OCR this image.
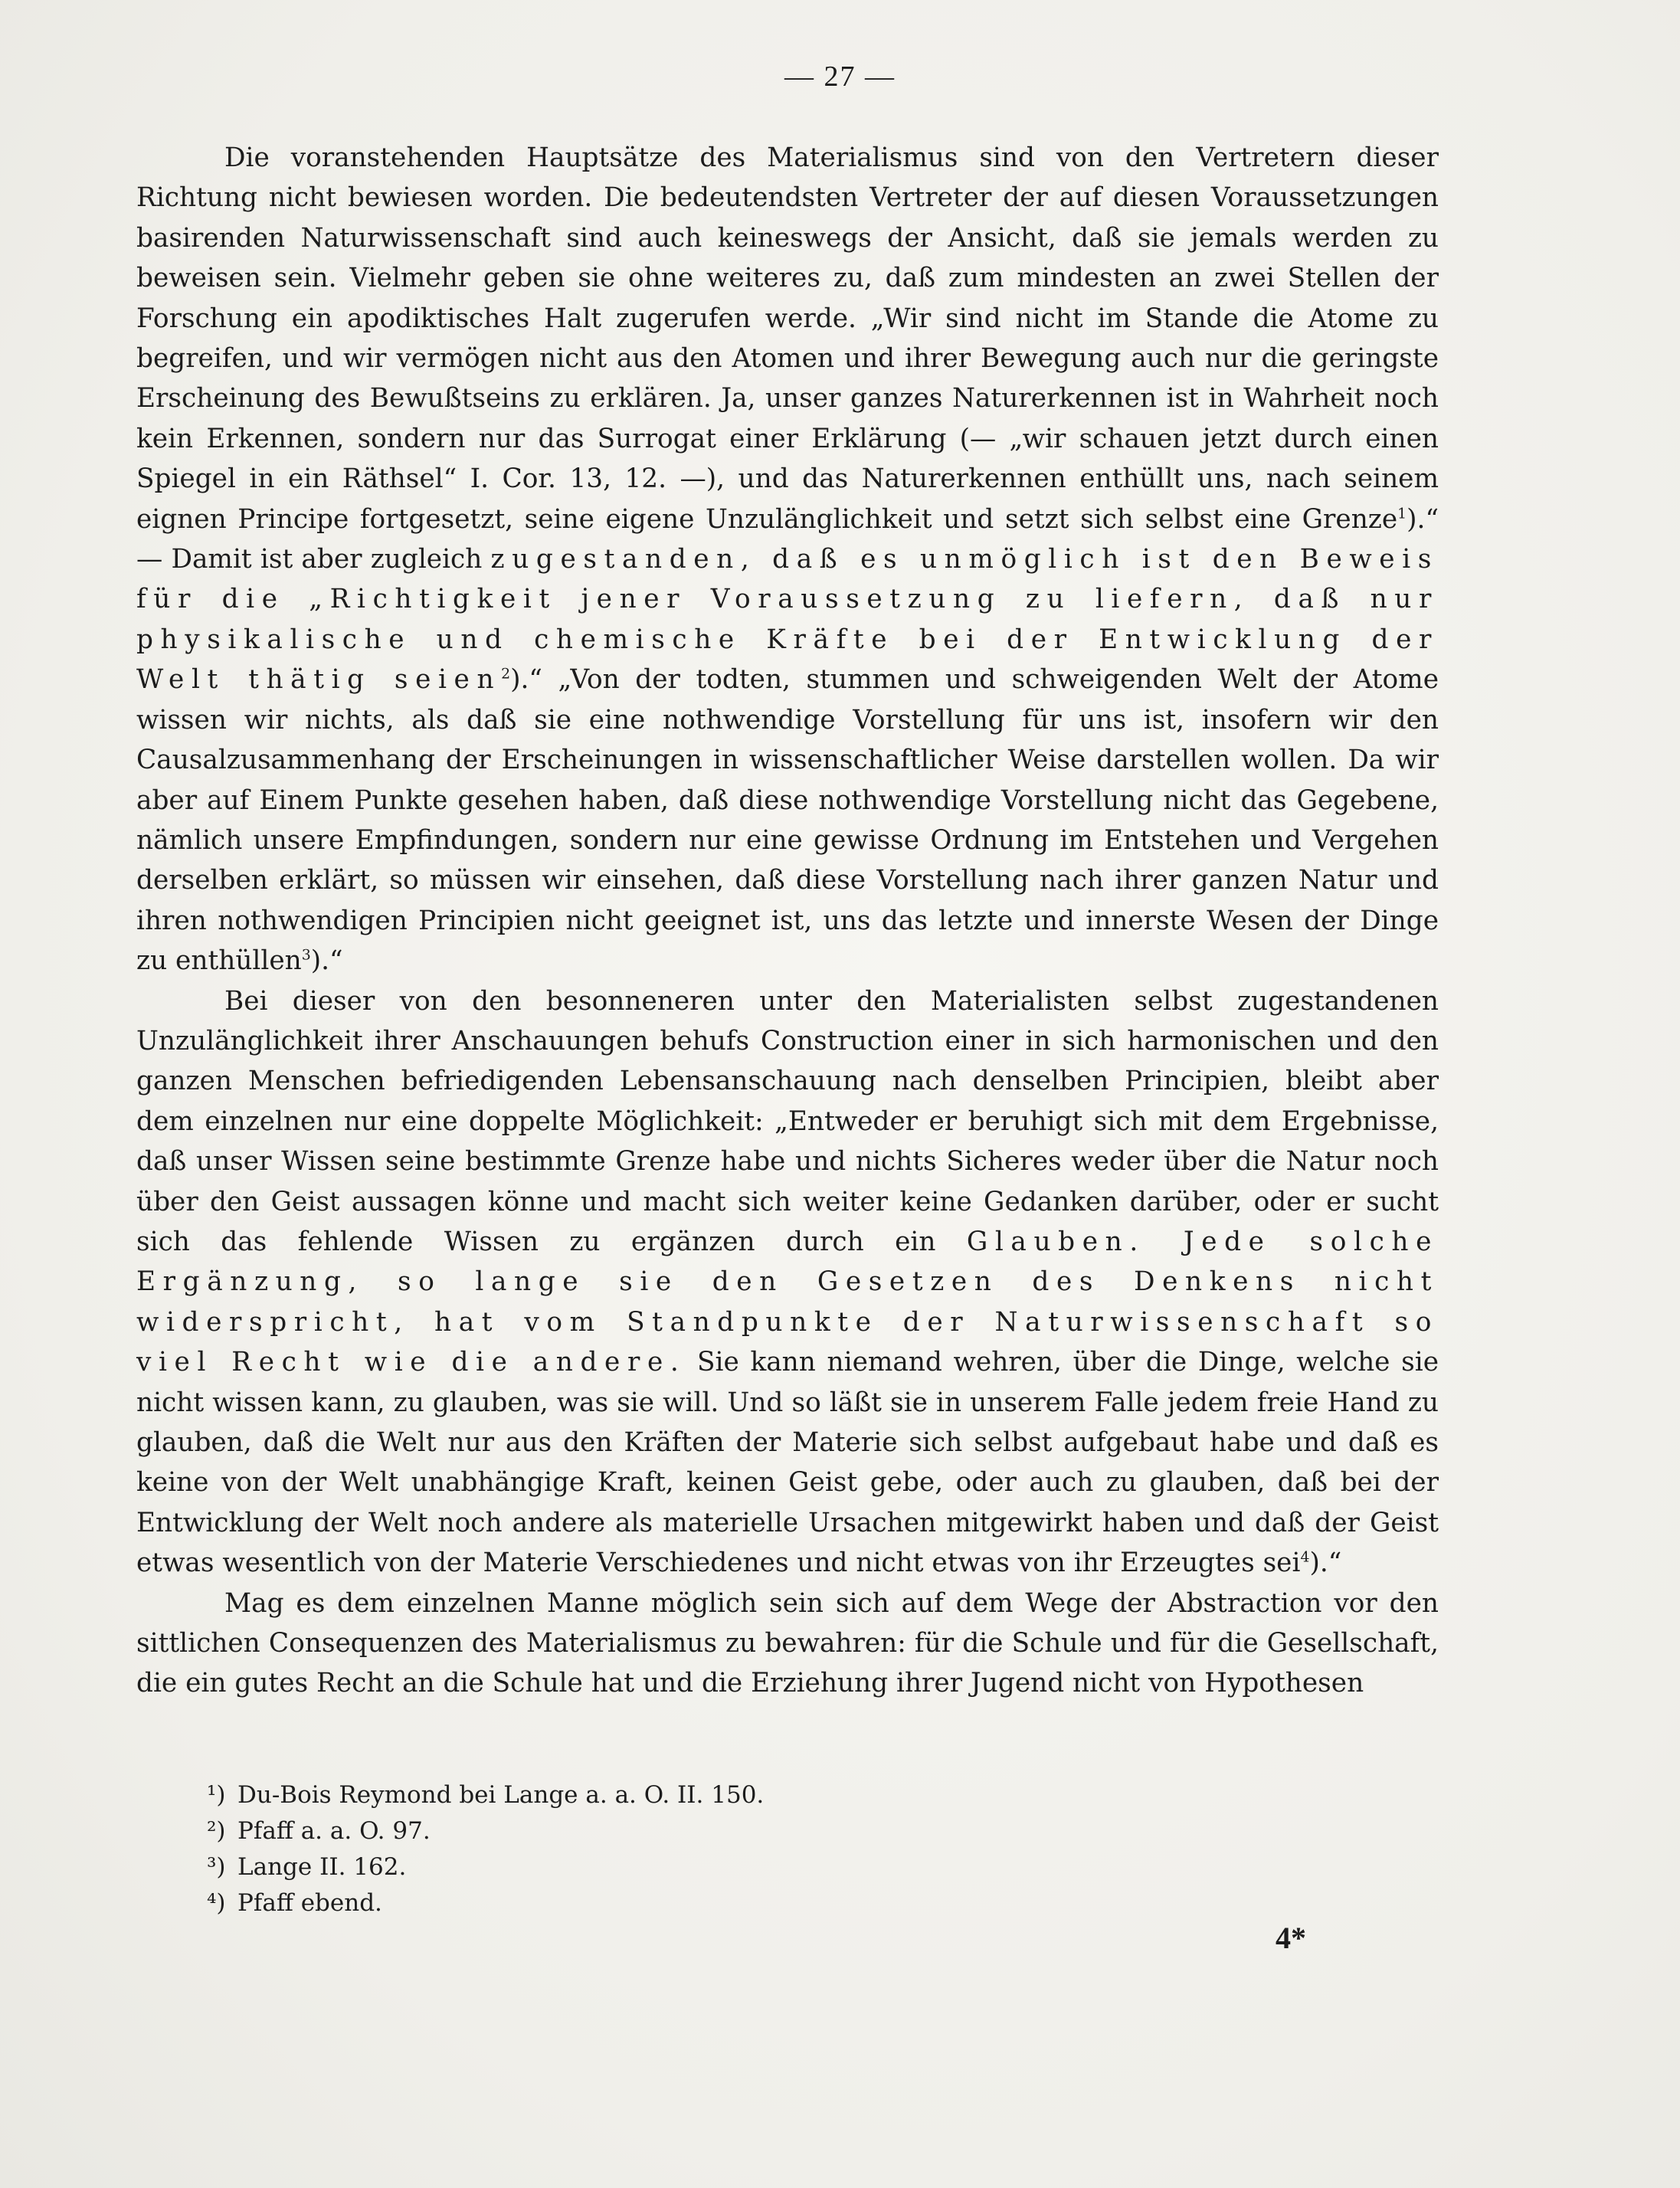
— 27 —

Die voranstehenden Hauptsätze des Materialismus sind von den Vertretern dieser Richtung nicht bewiesen worden. Die bedeutendsten Vertreter der auf diesen Voraussetzungen basirenden Naturwissenschaft sind auch keineswegs der Ansicht, daß sie jemals werden zu beweisen sein. Vielmehr geben sie ohne weiteres zu, daß zum mindesten an zwei Stellen der Forschung ein apodiktisches Halt zugerufen werde. „Wir sind nicht im Stande die Atome zu begreifen, und wir vermögen nicht aus den Atomen und ihrer Bewegung auch nur die geringste Erscheinung des Bewußtseins zu erklären. Ja, unser ganzes Naturerkennen ist in Wahrheit noch kein Erkennen, sondern nur das Surrogat einer Erklärung (— „wir schauen jetzt durch einen Spiegel in ein Räthsel“ I. Cor. 13, 12. —), und das Naturerkennen enthüllt uns, nach seinem eignen Principe fortgesetzt, seine eigene Unzulänglichkeit und setzt sich selbst eine Grenze$^1$).“ — Damit ist aber zugleich zugestanden, daß es unmöglich ist den Beweis für die „Richtigkeit jener Voraussetzung zu liefern, daß nur physikalische und chemische Kräfte bei der Entwicklung der Welt thätig seien$^2$).“ „Von der todten, stummen und schweigenden Welt der Atome wissen wir nichts, als daß sie eine nothwendige Vorstellung für uns ist, insofern wir den Causalzusammenhang der Erscheinungen in wissenschaftlicher Weise darstellen wollen. Da wir aber auf Einem Punkte gesehen haben, daß diese nothwendige Vorstellung nicht das Gegebene, nämlich unsere Empfindungen, sondern nur eine gewisse Ordnung im Entstehen und Vergehen derselben erklärt, so müssen wir einsehen, daß diese Vorstellung nach ihrer ganzen Natur und ihren nothwendigen Principien nicht geeignet ist, uns das letzte und innerste Wesen der Dinge zu enthüllen$^3$).“

Bei dieser von den besonneneren unter den Materialisten selbst zugestandenen Unzulänglichkeit ihrer Anschauungen behufs Construction einer in sich harmonischen und den ganzen Menschen befriedigenden Lebensanschauung nach denselben Principien, bleibt aber dem einzelnen nur eine doppelte Möglichkeit: „Entweder er beruhigt sich mit dem Ergebnisse, daß unser Wissen seine bestimmte Grenze habe und nichts Sicheres weder über die Natur noch über den Geist aussagen könne und macht sich weiter keine Gedanken darüber, oder er sucht sich das fehlende Wissen zu ergänzen durch ein Glauben. Jede solche Ergänzung, so lange sie den Gesetzen des Denkens nicht widerspricht, hat vom Standpunkte der Naturwissenschaft so viel Recht wie die andere. Sie kann niemand wehren, über die Dinge, welche sie nicht wissen kann, zu glauben, was sie will. Und so läßt sie in unserem Falle jedem freie Hand zu glauben, daß die Welt nur aus den Kräften der Materie sich selbst aufgebaut habe und daß es keine von der Welt unabhängige Kraft, keinen Geist gebe, oder auch zu glauben, daß bei der Entwicklung der Welt noch andere als materielle Ursachen mitgewirkt haben und daß der Geist etwas wesentlich von der Materie Verschiedenes und nicht etwas von ihr Erzeugtes sei$^4$).“

Mag es dem einzelnen Manne möglich sein sich auf dem Wege der Abstraction vor den sittlichen Consequenzen des Materialismus zu bewahren: für die Schule und für die Gesellschaft, die ein gutes Recht an die Schule hat und die Erziehung ihrer Jugend nicht von Hypothesen

¹) Du-Bois Reymond bei Lange a. a. O. II. 150.
²) Pfaff a. a. O. 97.
³) Lange II. 162.
⁴) Pfaff ebend.
4*
